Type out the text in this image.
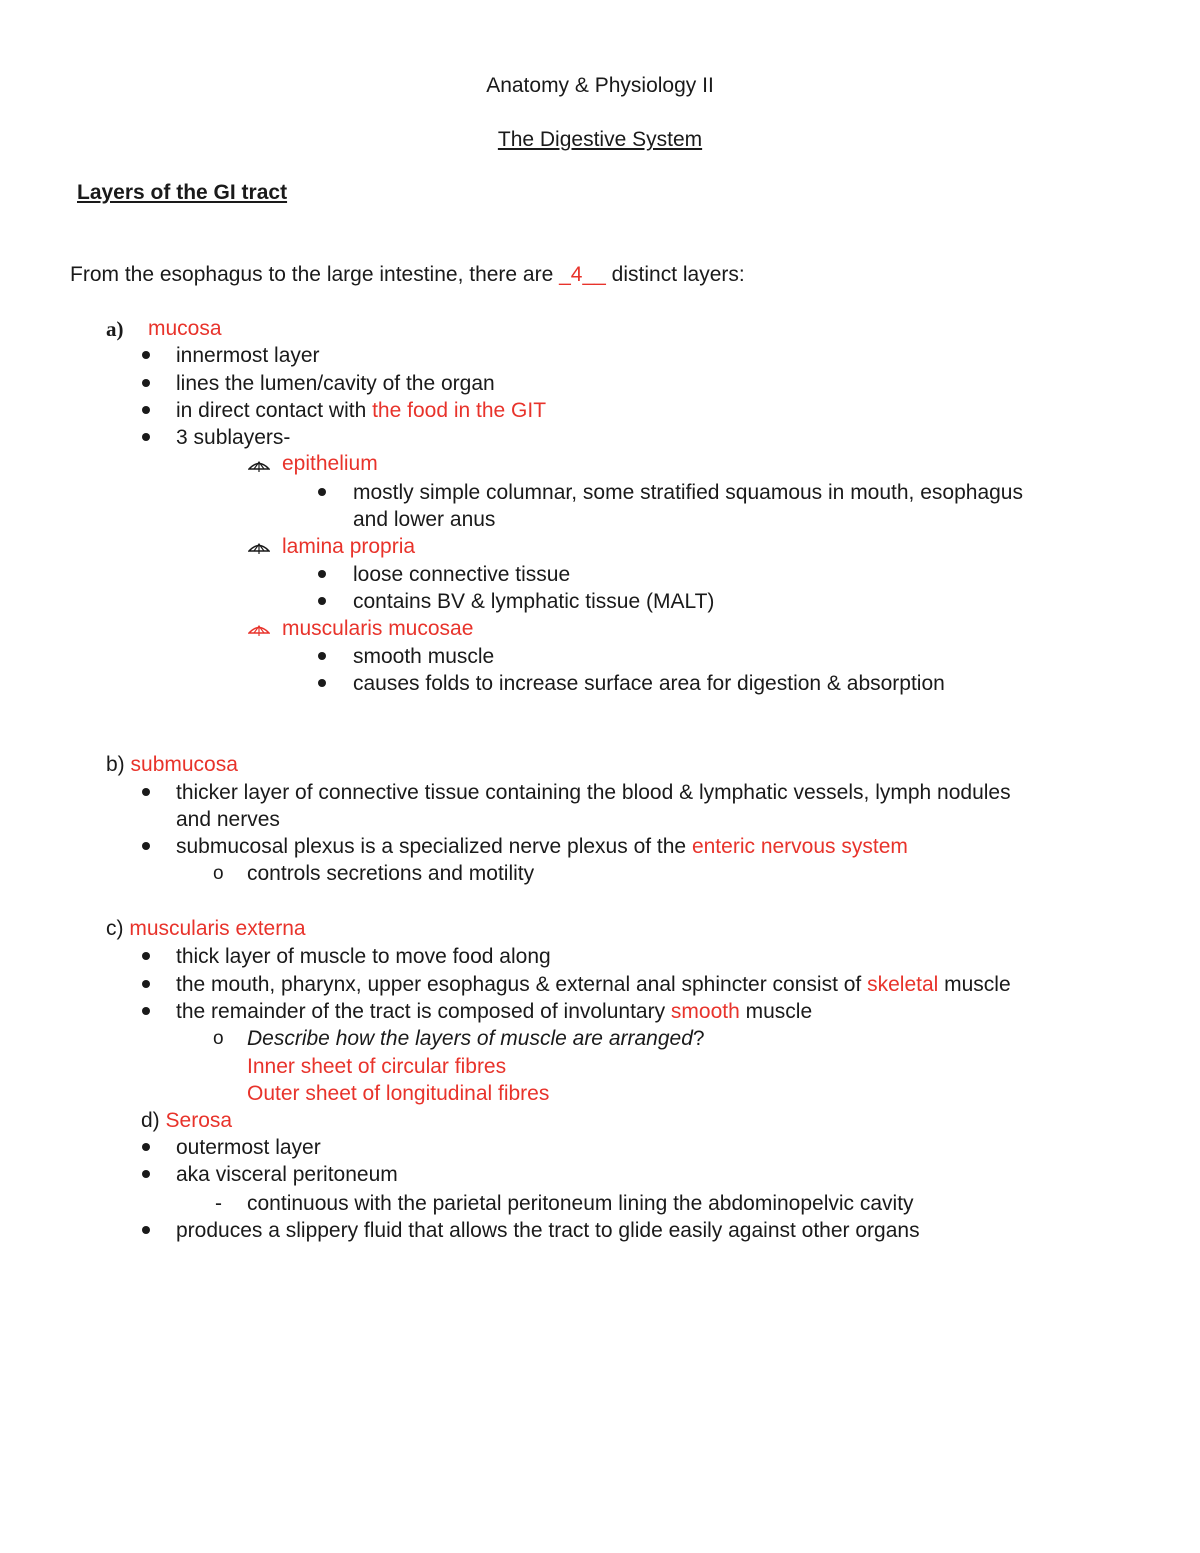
Anatomy & Physiology II
The Digestive System
Layers of the GI tract
From the esophagus to the large intestine, there are _4__ distinct layers:
a) mucosa
innermost layer
lines the lumen/cavity of the organ
in direct contact with the food in the GIT
3 sublayers-
epithelium
mostly simple columnar, some stratified squamous in mouth, esophagus
and lower anus
lamina propria
loose connective tissue
contains BV & lymphatic tissue (MALT)
muscularis mucosae
smooth muscle
causes folds to increase surface area for digestion & absorption
b) submucosa
thicker layer of connective tissue containing the blood & lymphatic vessels, lymph nodules
and nerves
submucosal plexus is a specialized nerve plexus of the enteric nervous system
o controls secretions and motility
c) muscularis externa
thick layer of muscle to move food along
the mouth, pharynx, upper esophagus & external anal sphincter consist of skeletal muscle
the remainder of the tract is composed of involuntary smooth muscle
o Describe how the layers of muscle are arranged?
Inner sheet of circular fibres
Outer sheet of longitudinal fibres
d) Serosa
outermost layer
aka visceral peritoneum
- continuous with the parietal peritoneum lining the abdominopelvic cavity
produces a slippery fluid that allows the tract to glide easily against other organs
